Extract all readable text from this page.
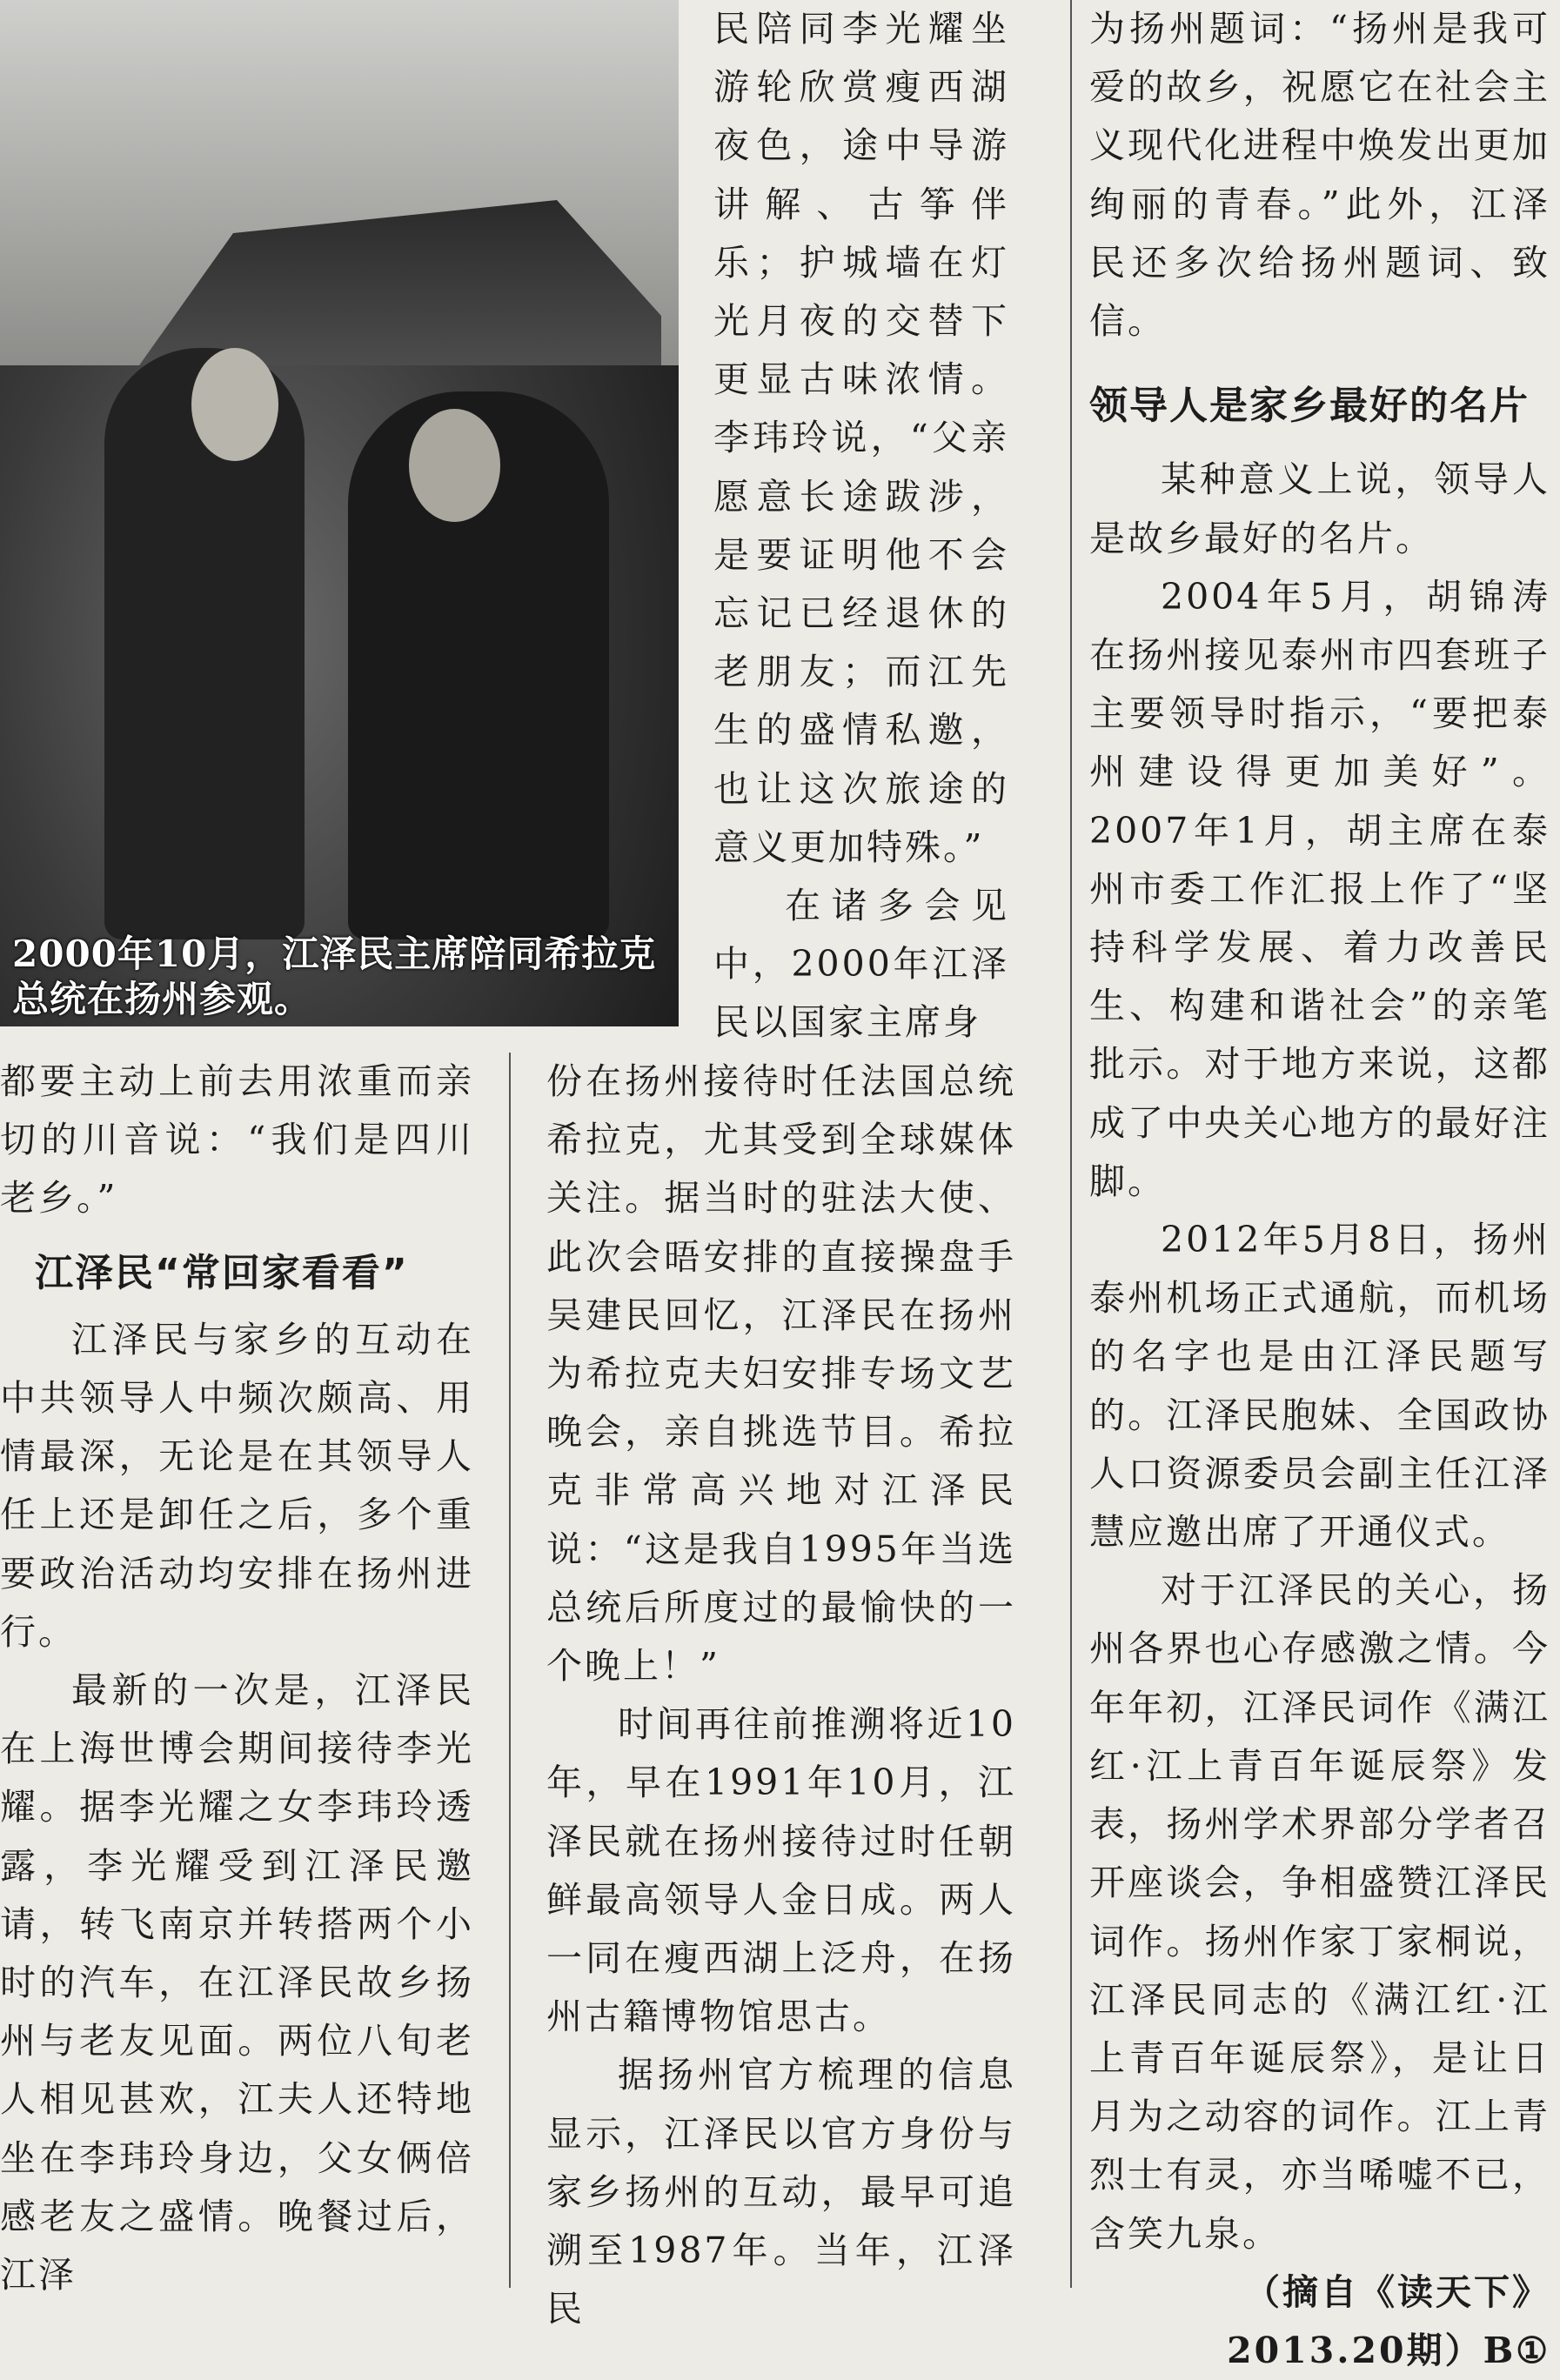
2000年10月，江泽民主席陪同希拉克总统在扬州参观。

民陪同李光耀坐游轮欣赏瘦西湖夜色，途中导游讲解、古筝伴乐；护城墙在灯光月夜的交替下更显古味浓情。李玮玲说，“父亲愿意长途跋涉，是要证明他不会忘记已经退休的老朋友；而江先生的盛情私邀，也让这次旅途的意义更加特殊。”

在诸多会见中，2000年江泽民以国家主席身

都要主动上前去用浓重而亲切的川音说：“我们是四川老乡。”

江泽民“常回家看看”

江泽民与家乡的互动在中共领导人中频次颇高、用情最深，无论是在其领导人任上还是卸任之后，多个重要政治活动均安排在扬州进行。

最新的一次是，江泽民在上海世博会期间接待李光耀。据李光耀之女李玮玲透露，李光耀受到江泽民邀请，转飞南京并转搭两个小时的汽车，在江泽民故乡扬州与老友见面。两位八旬老人相见甚欢，江夫人还特地坐在李玮玲身边，父女俩倍感老友之盛情。晚餐过后，江泽

份在扬州接待时任法国总统希拉克，尤其受到全球媒体关注。据当时的驻法大使、此次会晤安排的直接操盘手吴建民回忆，江泽民在扬州为希拉克夫妇安排专场文艺晚会，亲自挑选节目。希拉克非常高兴地对江泽民说：“这是我自1995年当选总统后所度过的最愉快的一个晚上！”

时间再往前推溯将近10年，早在1991年10月，江泽民就在扬州接待过时任朝鲜最高领导人金日成。两人一同在瘦西湖上泛舟，在扬州古籍博物馆思古。

据扬州官方梳理的信息显示，江泽民以官方身份与家乡扬州的互动，最早可追溯至1987年。当年，江泽民

为扬州题词：“扬州是我可爱的故乡，祝愿它在社会主义现代化进程中焕发出更加绚丽的青春。”此外，江泽民还多次给扬州题词、致信。

领导人是家乡最好的名片

某种意义上说，领导人是故乡最好的名片。

2004年5月，胡锦涛在扬州接见泰州市四套班子主要领导时指示，“要把泰州建设得更加美好”。2007年1月，胡主席在泰州市委工作汇报上作了“坚持科学发展、着力改善民生、构建和谐社会”的亲笔批示。对于地方来说，这都成了中央关心地方的最好注脚。

2012年5月8日，扬州泰州机场正式通航，而机场的名字也是由江泽民题写的。江泽民胞妹、全国政协人口资源委员会副主任江泽慧应邀出席了开通仪式。

对于江泽民的关心，扬州各界也心存感激之情。今年年初，江泽民词作《满江红·江上青百年诞辰祭》发表，扬州学术界部分学者召开座谈会，争相盛赞江泽民词作。扬州作家丁家桐说，江泽民同志的《满江红·江上青百年诞辰祭》，是让日月为之动容的词作。江上青烈士有灵，亦当唏嘘不已，含笑九泉。

（摘自《读天下》2013.20期）B①
